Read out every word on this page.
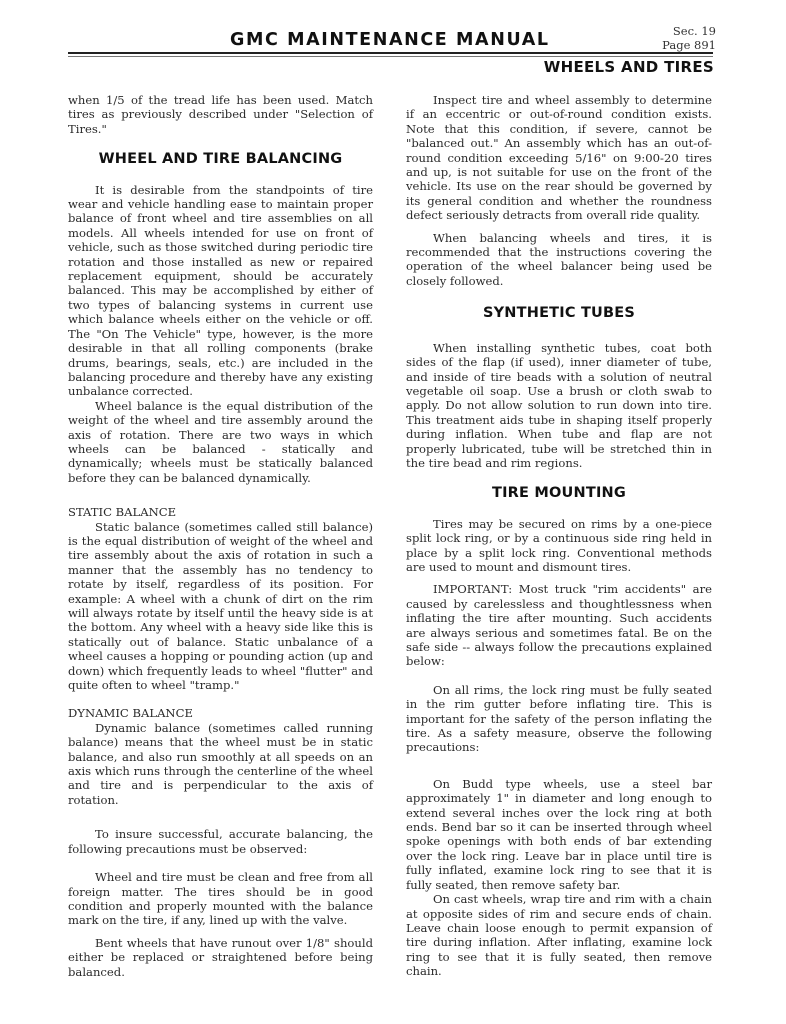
GMC MAINTENANCE MANUAL	Sec. 19
Page 891
WHEELS AND TIRES

when 1/5 of the tread life has been used. Match tires as previously described under "Selection of Tires."

WHEEL AND TIRE BALANCING

It is desirable from the standpoints of tire wear and vehicle handling ease to maintain proper balance of front wheel and tire assemblies on all models. All wheels intended for use on front of vehicle, such as those switched during periodic tire rotation and those installed as new or repaired replacement equipment, should be accurately balanced. This may be accomplished by either of two types of balancing systems in current use which balance wheels either on the vehicle or off. The "On The Vehicle" type, however, is the more desirable in that all rolling components (brake drums, bearings, seals, etc.) are included in the balancing procedure and thereby have any existing unbalance corrected.

Wheel balance is the equal distribution of the weight of the wheel and tire assembly around the axis of rotation. There are two ways in which wheels can be balanced - statically and dynamically; wheels must be statically balanced before they can be balanced dynamically.

STATIC BALANCE

Static balance (sometimes called still balance) is the equal distribution of weight of the wheel and tire assembly about the axis of rotation in such a manner that the assembly has no tendency to rotate by itself, regardless of its position. For example: A wheel with a chunk of dirt on the rim will always rotate by itself until the heavy side is at the bottom. Any wheel with a heavy side like this is statically out of balance. Static unbalance of a wheel causes a hopping or pounding action (up and down) which frequently leads to wheel "flutter" and quite often to wheel "tramp."

DYNAMIC BALANCE

Dynamic balance (sometimes called running balance) means that the wheel must be in static balance, and also run smoothly at all speeds on an axis which runs through the centerline of the wheel and tire and is perpendicular to the axis of rotation.

To insure successful, accurate balancing, the following precautions must be observed:

Wheel and tire must be clean and free from all foreign matter. The tires should be in good condition and properly mounted with the balance mark on the tire, if any, lined up with the valve.

Bent wheels that have runout over 1/8" should either be replaced or straightened before being balanced.

Inspect tire and wheel assembly to determine if an eccentric or out-of-round condition exists. Note that this condition, if severe, cannot be "balanced out." An assembly which has an out-of-round condition exceeding 5/16" on 9:00-20 tires and up, is not suitable for use on the front of the vehicle. Its use on the rear should be governed by its general condition and whether the roundness defect seriously detracts from overall ride quality.

When balancing wheels and tires, it is recommended that the instructions covering the operation of the wheel balancer being used be closely followed.

SYNTHETIC TUBES

When installing synthetic tubes, coat both sides of the flap (if used), inner diameter of tube, and inside of tire beads with a solution of neutral vegetable oil soap. Use a brush or cloth swab to apply. Do not allow solution to run down into tire. This treatment aids tube in shaping itself properly during inflation. When tube and flap are not properly lubricated, tube will be stretched thin in the tire bead and rim regions.

TIRE MOUNTING

Tires may be secured on rims by a one-piece split lock ring, or by a continuous side ring held in place by a split lock ring. Conventional methods are used to mount and dismount tires.

IMPORTANT: Most truck "rim accidents" are caused by carelessless and thoughtlessness when inflating the tire after mounting. Such accidents are always serious and sometimes fatal. Be on the safe side -- always follow the precautions explained below:

On all rims, the lock ring must be fully seated in the rim gutter before inflating tire. This is important for the safety of the person inflating the tire. As a safety measure, observe the following precautions:

On Budd type wheels, use a steel bar approximately 1" in diameter and long enough to extend several inches over the lock ring at both ends. Bend bar so it can be inserted through wheel spoke openings with both ends of bar extending over the lock ring. Leave bar in place until tire is fully inflated, examine lock ring to see that it is fully seated, then remove safety bar.

On cast wheels, wrap tire and rim with a chain at opposite sides of rim and secure ends of chain. Leave chain loose enough to permit expansion of tire during inflation. After inflating, examine lock ring to see that it is fully seated, then remove chain.
